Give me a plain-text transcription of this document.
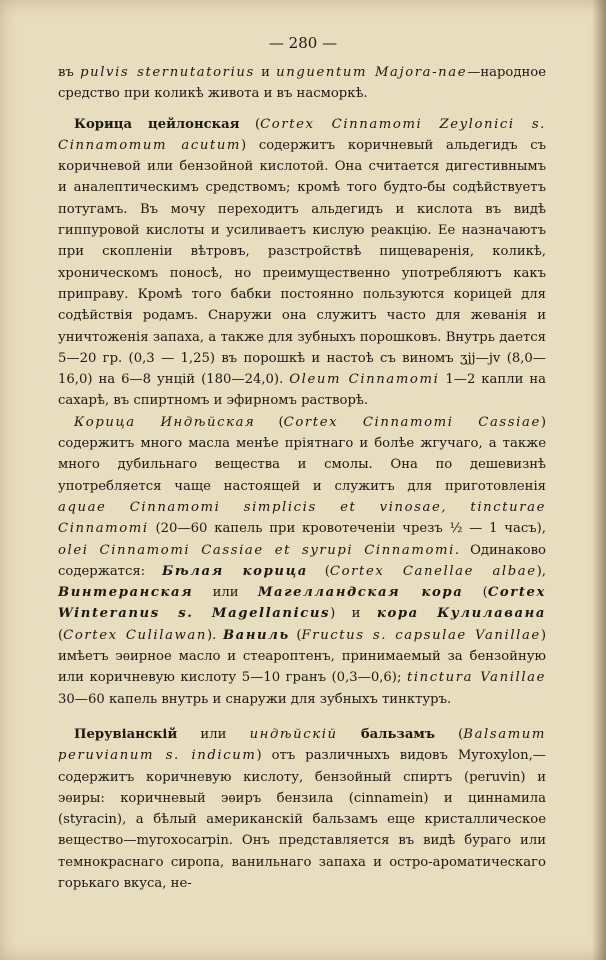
— 280 —

въ pulvis sternutatorius и unguentum Majora-nae—народное средство при коликѣ живота и въ насморкѣ.

Корица цейлонская (Cortex Cinnamomi Zeylonici s. Cinnamomum acutum) содержитъ коричневый альдегидъ съ коричневой или бензойной кислотой. Она считается дигестивнымъ и аналептическимъ средствомъ; кромѣ того будто-бы содѣйствуетъ потугамъ. Въ мочу переходитъ альдегидъ и кислота въ видѣ гиппуровой кислоты и усиливаетъ кислую реакцію. Ее назначаютъ при скопленіи вѣтровъ, разстройствѣ пищеваренія, коликѣ, хроническомъ поносѣ, но преимущественно употребляютъ какъ приправу. Кромѣ того бабки постоянно пользуются корицей для содѣйствія родамъ. Снаружи она служитъ часто для жеванія и уничтоженія запаха, а также для зубныхъ порошковъ. Внутрь дается 5—20 гр. (0,3 — 1,25) въ порошкѣ и настоѣ съ виномъ ʒjj—jv (8,0—16,0) на 6—8 унцій (180—24,0). Oleum Cinnamomi 1—2 капли на сахарѣ, въ спиртномъ и эфирномъ растворѣ.

Корица Индѣйская (Cortex Cinnamomi Cassiae) содержитъ много масла менѣе пріятнаго и болѣе жгучаго, а также много дубильнаго вещества и смолы. Она по дешевизнѣ употребляется чаще настоящей и служитъ для приготовленія aquae Cinnamomi simplicis et vinosae, tincturae Cinnamomi (20—60 капель при кровотеченіи чрезъ ½ — 1 часъ), olei Cinnamomi Cassiae et syrupi Cinnamomi. Одинаково содержатся: Бѣлая корица (Cortex Canellae albae), Винтеранская или Магелландская кора (Cortex Winteranus s. Magellanicus) и кора Кулилавана (Cortex Culilawan). Ваниль (Fructus s. capsulae Vanillae) имѣетъ эѳирное масло и стеароптенъ, принимаемый за бензойную или коричневую кислоту 5—10 гранъ (0,3—0,6); tinctura Vanillae 30—60 капель внутрь и снаружи для зубныхъ тинктуръ.

Перувіанскій или индѣйскій бальзамъ (Balsamum peruvianum s. indicum) отъ различныхъ видовъ Myroxylon,—содержитъ коричневую кислоту, бензойный спиртъ (peruvin) и эѳиры: коричневый эѳиръ бензила (cinnamein) и циннамила (styracin), а бѣлый американскій бальзамъ еще кристаллическое вещество—myroxocarpin. Онъ представляется въ видѣ бураго или темнокраснаго сиропа, ванильнаго запаха и остро-ароматическаго горькаго вкуса, не-
